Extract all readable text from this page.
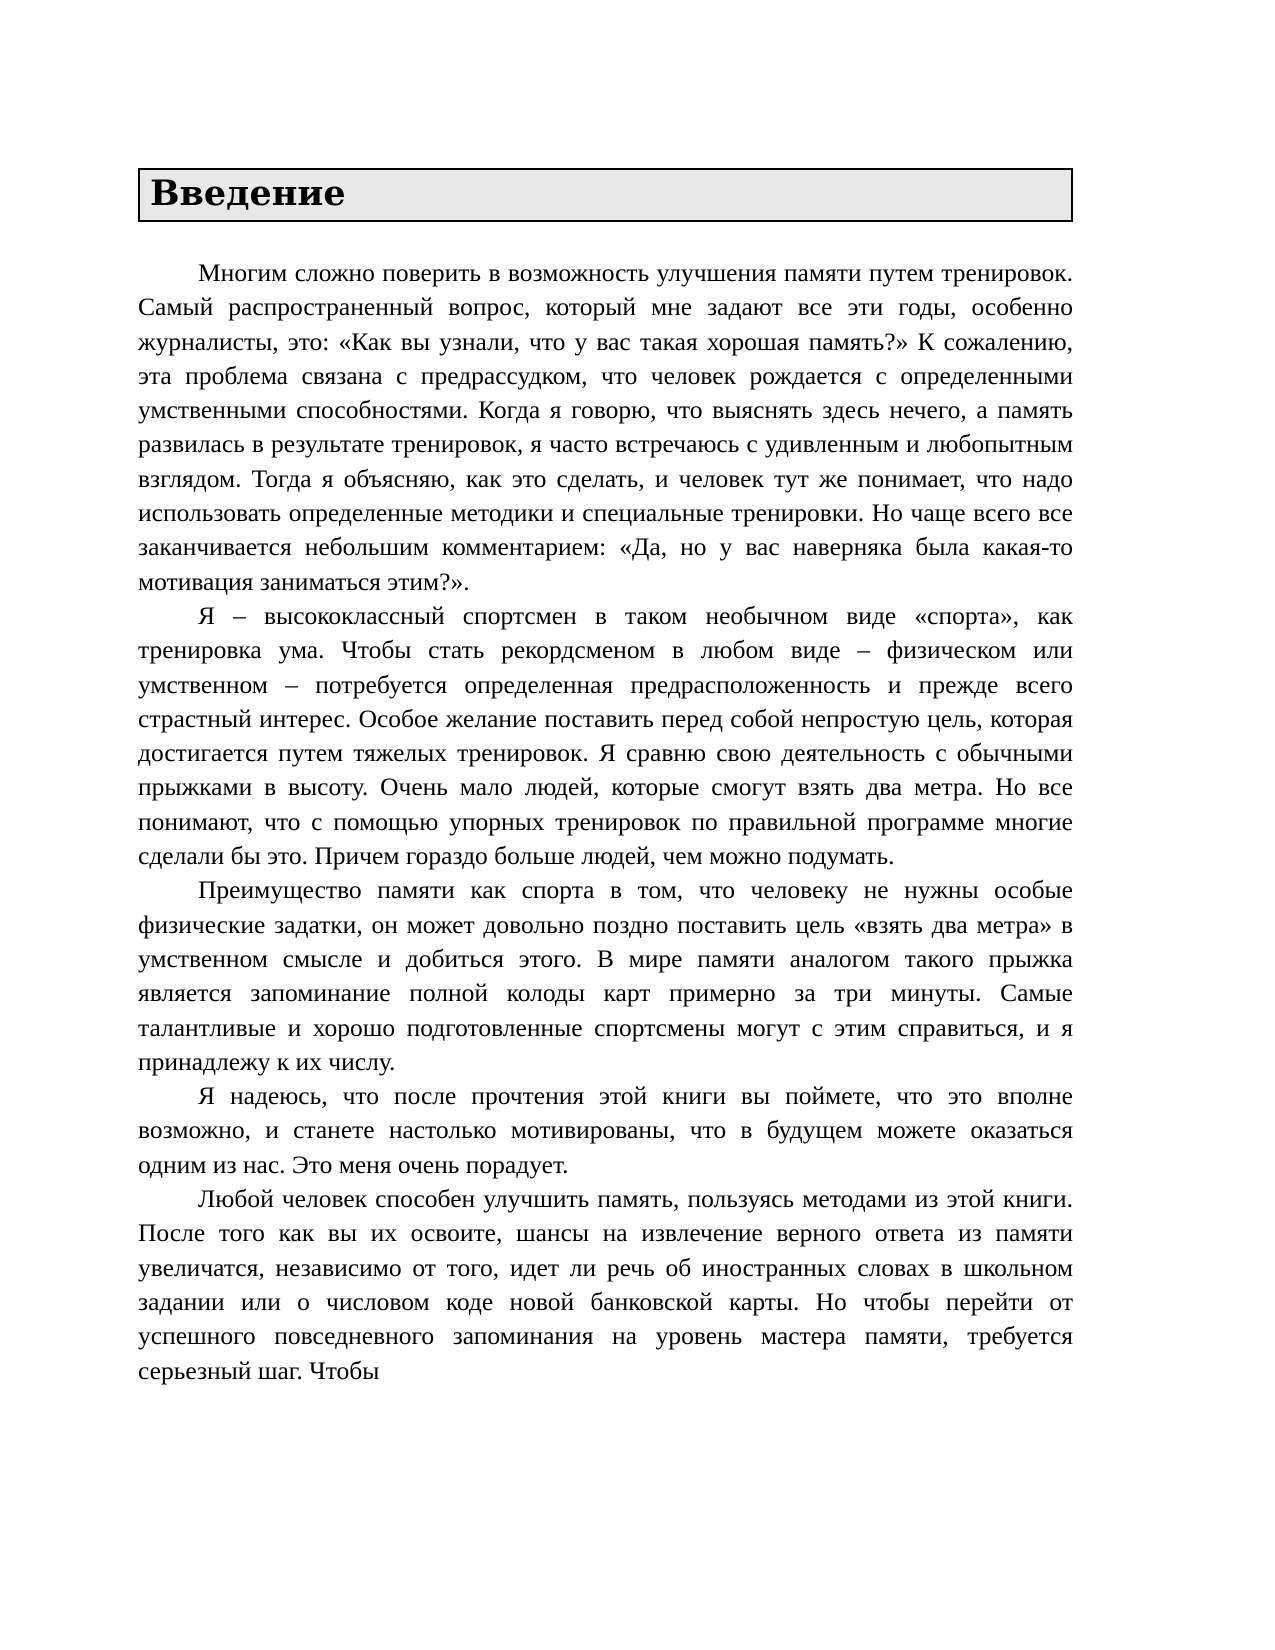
Введение

Многим сложно поверить в возможность улучшения памяти путем тренировок. Самый распространенный вопрос, который мне задают все эти годы, особенно журналисты, это: «Как вы узнали, что у вас такая хорошая память?» К сожалению, эта проблема связана с предрассудком, что человек рождается с определенными умственными способностями. Когда я говорю, что выяснять здесь нечего, а память развилась в результате тренировок, я часто встречаюсь с удивленным и любопытным взглядом. Тогда я объясняю, как это сделать, и человек тут же понимает, что надо использовать определенные методики и специальные тренировки. Но чаще всего все заканчивается небольшим комментарием: «Да, но у вас наверняка была какая-то мотивация заниматься этим?».

Я – высококлассный спортсмен в таком необычном виде «спорта», как тренировка ума. Чтобы стать рекордсменом в любом виде – физическом или умственном – потребуется определенная предрасположенность и прежде всего страстный интерес. Особое желание поставить перед собой непростую цель, которая достигается путем тяжелых тренировок. Я сравню свою деятельность с обычными прыжками в высоту. Очень мало людей, которые смогут взять два метра. Но все понимают, что с помощью упорных тренировок по правильной программе многие сделали бы это. Причем гораздо больше людей, чем можно подумать.

Преимущество памяти как спорта в том, что человеку не нужны особые физические задатки, он может довольно поздно поставить цель «взять два метра» в умственном смысле и добиться этого. В мире памяти аналогом такого прыжка является запоминание полной колоды карт примерно за три минуты. Самые талантливые и хорошо подготовленные спортсмены могут с этим справиться, и я принадлежу к их числу.

Я надеюсь, что после прочтения этой книги вы поймете, что это вполне возможно, и станете настолько мотивированы, что в будущем можете оказаться одним из нас. Это меня очень порадует.

Любой человек способен улучшить память, пользуясь методами из этой книги. После того как вы их освоите, шансы на извлечение верного ответа из памяти увеличатся, независимо от того, идет ли речь об иностранных словах в школьном задании или о числовом коде новой банковской карты. Но чтобы перейти от успешного повседневного запоминания на уровень мастера памяти, требуется серьезный шаг. Чтобы
